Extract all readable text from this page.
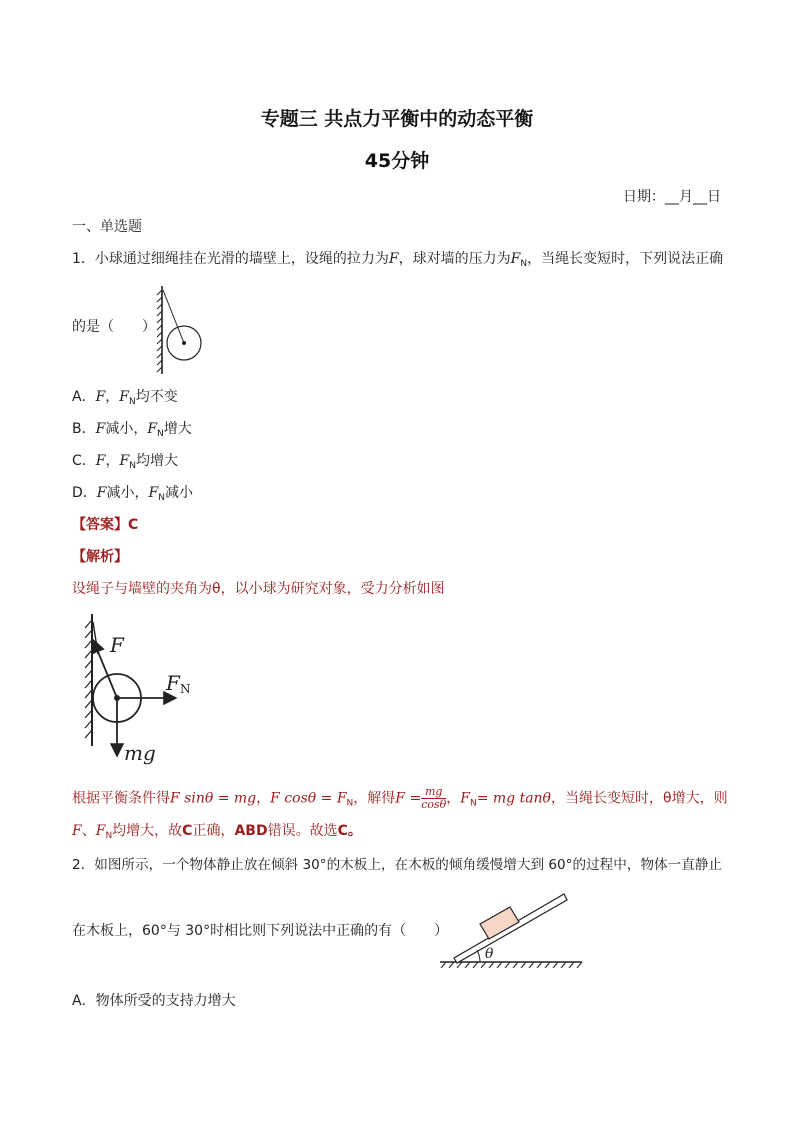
专题三 共点力平衡中的动态平衡
45分钟
日期：__月__日
一、单选题
1．小球通过细绳挂在光滑的墙壁上，设绳的拉力为F，球对墙的压力为$F_N$，当绳长变短时，下列说法正确
的是（　　）
A．F，$F_N$均不变
B．F减小，$F_N$增大
C．F，$F_N$均增大
D．F减小，$F_N$减小
【答案】C
【解析】
设绳子与墙壁的夹角为θ，以小球为研究对象，受力分析如图
F
F N
mg
根据平衡条件得F sinθ = mg，F $\cos\theta = F_N$，解得$F = \frac{mg}{\cos\theta}$ ，$F_N=$ mg tanθ，当绳长变短时，θ增大，则
F、$F_N$均增大，故C正确，ABD错误。故选C。
2．如图所示，一个物体静止放在倾斜 30°的木板上，在木板的倾角缓慢增大到 60°的过程中，物体一直静止
在木板上，60°与 30°时相比则下列说法中正确的有（　　）
θ
A．物体所受的支持力增大
